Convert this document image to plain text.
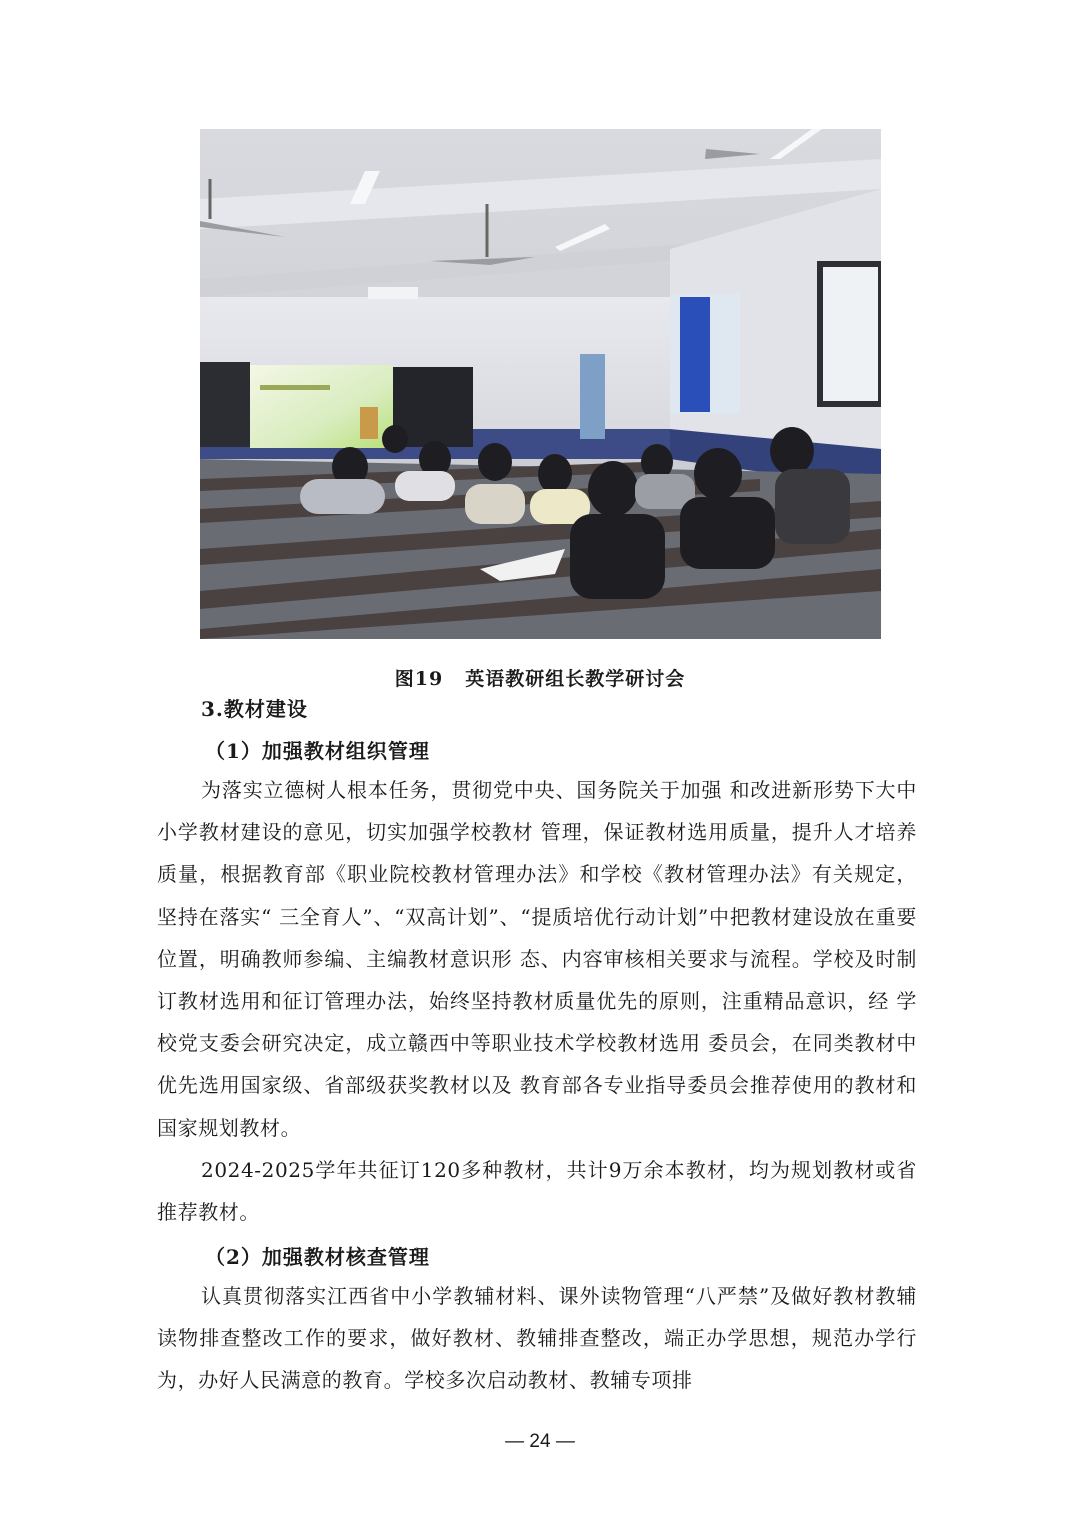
图19 英语教研组长教学研讨会
3.教材建设
（1）加强教材组织管理

为落实立德树人根本任务，贯彻党中央、国务院关于加强 和改进新形势下大中小学教材建设的意见，切实加强学校教材 管理，保证教材选用质量，提升人才培养质量，根据教育部《职业院校教材管理办法》和学校《教材管理办法》有关规定，坚持在落实“ 三全育人”、“双高计划”、“提质培优行动计划”中把教材建设放在重要位置，明确教师参编、主编教材意识形 态、内容审核相关要求与流程。学校及时制订教材选用和征订管理办法，始终坚持教材质量优先的原则，注重精品意识，经 学校党支委会研究决定，成立赣西中等职业技术学校教材选用 委员会，在同类教材中优先选用国家级、省部级获奖教材以及 教育部各专业指导委员会推荐使用的教材和国家规划教材。

2024-2025学年共征订120多种教材，共计9万余本教材，均为规划教材或省推荐教材。

（2）加强教材核查管理

认真贯彻落实江西省中小学教辅材料、课外读物管理“八严禁”及做好教材教辅读物排查整改工作的要求，做好教材、教辅排查整改，端正办学思想，规范办学行为，办好人民满意的教育。学校多次启动教材、教辅专项排

— 24 —
